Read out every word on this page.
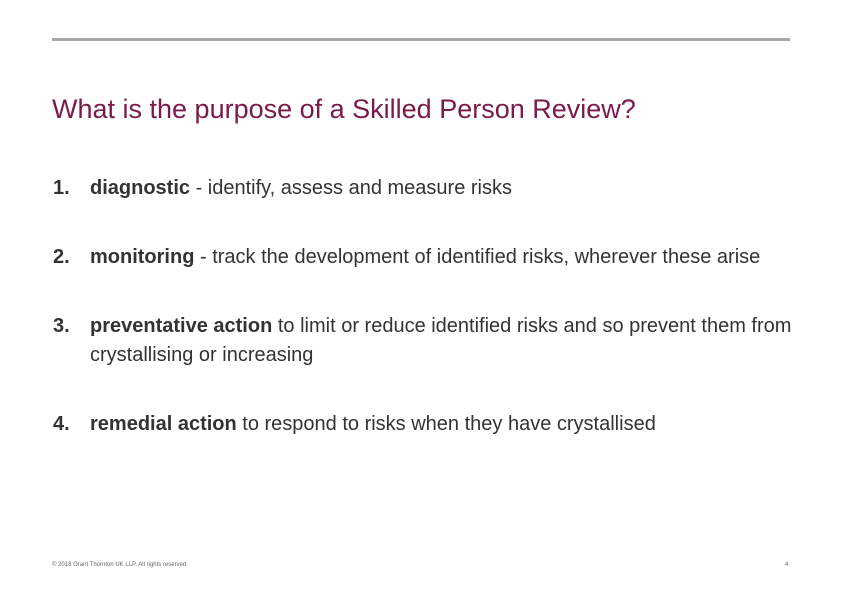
What is the purpose of a Skilled Person Review?
1. diagnostic - identify, assess and measure risks
2. monitoring - track the development of identified risks, wherever these arise
3. preventative action to limit or reduce identified risks and so prevent them from crystallising or increasing
4. remedial action to respond to risks when they have crystallised
© 2018 Grant Thornton UK LLP. All rights reserved.	4
